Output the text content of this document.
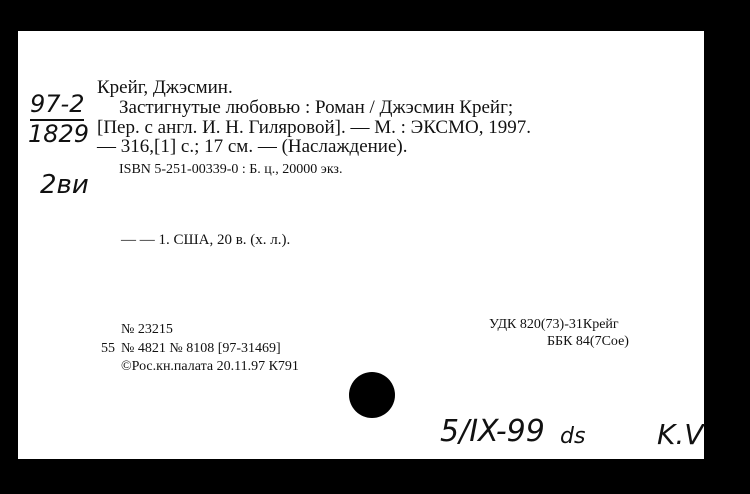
97-2
1829
2ви
Крейг, Джэсмин.
Застигнутые любовью : Роман / Джэсмин Крейг;
[Пер. с англ. И. Н. Гиляровой]. — М. : ЭКСМО, 1997.
— 316,[1] с.; 17 см. — (Наслаждение).
ISBN 5-251-00339-0 : Б. ц., 20000 экз.
— — 1. США, 20 в. (х. л.).
№ 23215
55 № 4821 № 8108 [97-31469]
©Рос.кн.палата 20.11.97 К791
УДК 820(73)-31Крейг
ББК 84(7Сое)
5/IX-99 ds	K.V
